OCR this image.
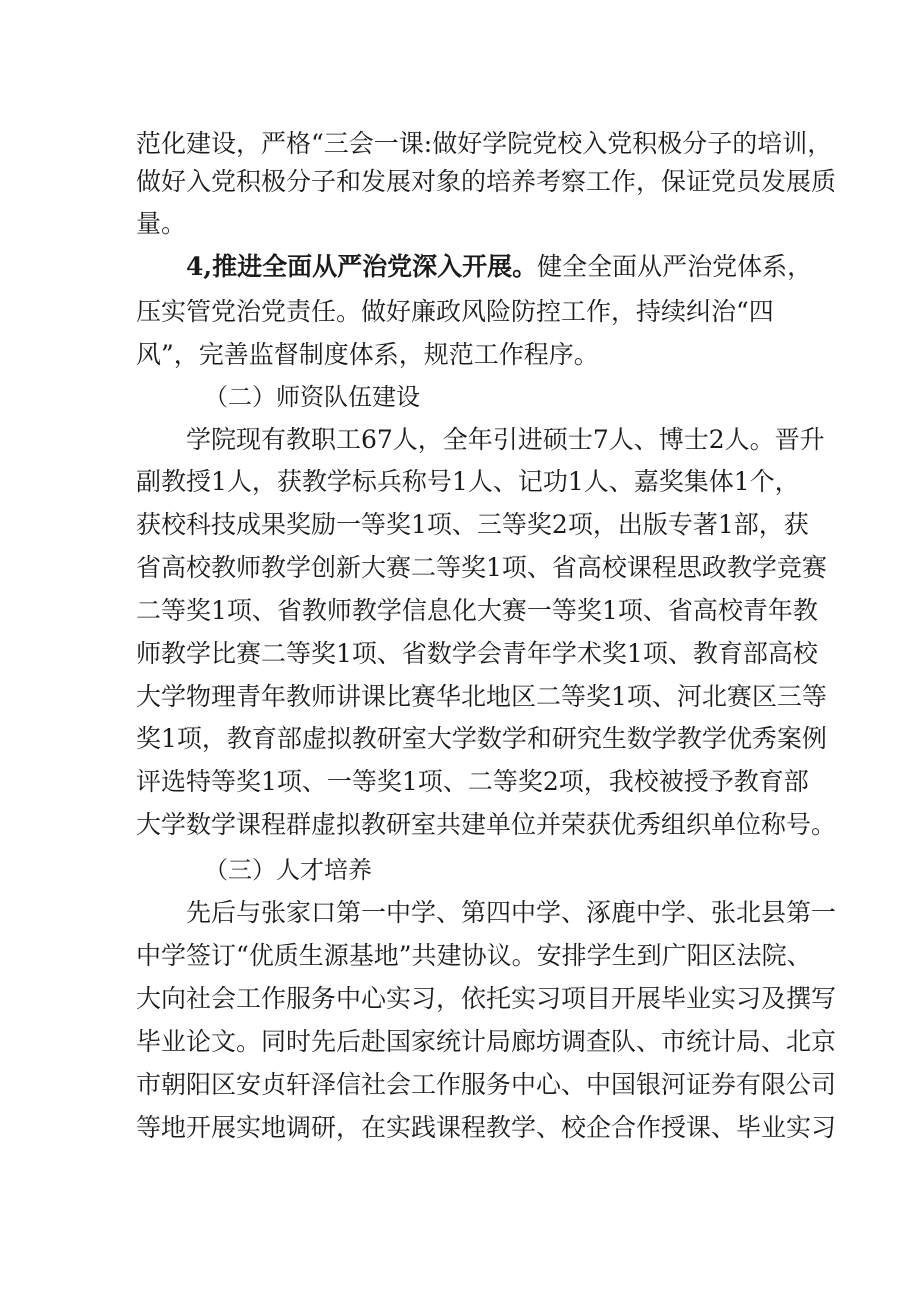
范化建设，严格“三会一课:做好学院党校入党积极分子的培训，

做好入党积极分子和发展对象的培养考察工作，保证党员发展质

量。

4,推进全面从严治党深入开展。健全全面从严治党体系，

压实管党治党责任。做好廉政风险防控工作，持续纠治“四

风”，完善监督制度体系，规范工作程序。

（二）师资队伍建设

学院现有教职工67人，全年引进硕士7人、博士2人。晋升

副教授1人，获教学标兵称号1人、记功1人、嘉奖集体1个，

获校科技成果奖励一等奖1项、三等奖2项，出版专著1部，获

省高校教师教学创新大赛二等奖1项、省高校课程思政教学竞赛

二等奖1项、省教师教学信息化大赛一等奖1项、省高校青年教

师教学比赛二等奖1项、省数学会青年学术奖1项、教育部高校

大学物理青年教师讲课比赛华北地区二等奖1项、河北赛区三等

奖1项，教育部虚拟教研室大学数学和研究生数学教学优秀案例

评选特等奖1项、一等奖1项、二等奖2项，我校被授予教育部

大学数学课程群虚拟教研室共建单位并荣获优秀组织单位称号。

（三）人才培养

先后与张家口第一中学、第四中学、涿鹿中学、张北县第一

中学签订“优质生源基地”共建协议。安排学生到广阳区法院、

大向社会工作服务中心实习，依托实习项目开展毕业实习及撰写

毕业论文。同时先后赴国家统计局廊坊调查队、市统计局、北京

市朝阳区安贞轩泽信社会工作服务中心、中国银河证券有限公司

等地开展实地调研，在实践课程教学、校企合作授课、毕业实习
